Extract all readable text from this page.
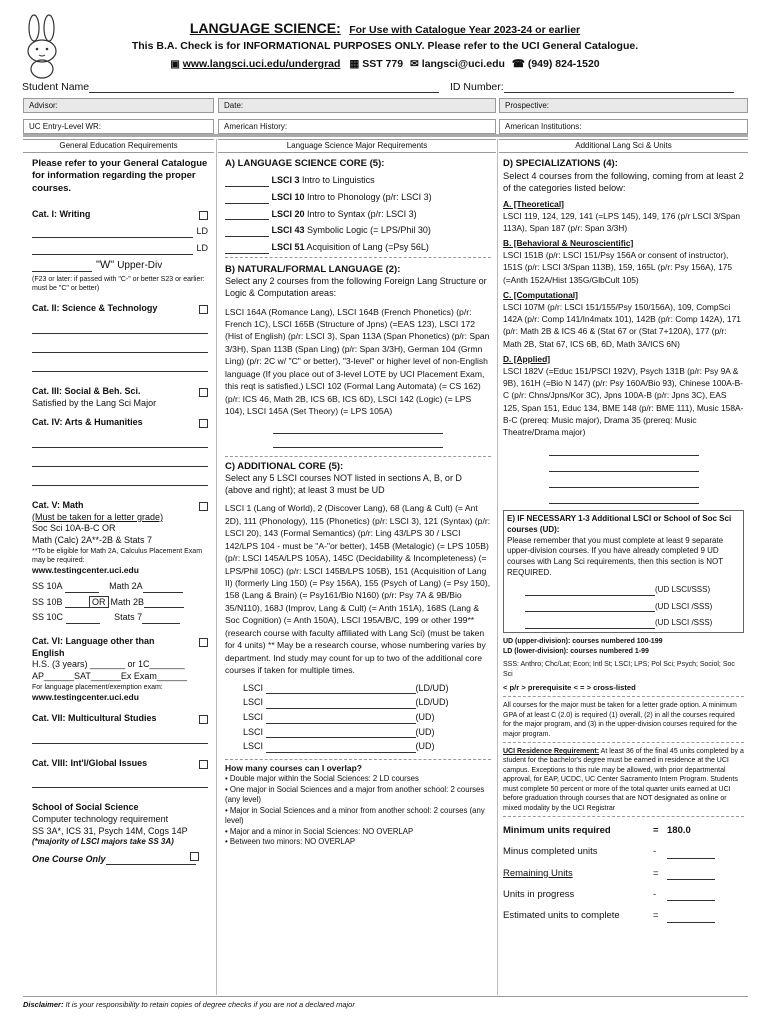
LANGUAGE SCIENCE: For Use with Catalogue Year 2023-24 or earlier
This B.A. Check is for INFORMATIONAL PURPOSES ONLY. Please refer to the UCI General Catalogue.
▣ www.langsci.uci.edu/undergrad ▦ SST 779 ✉ langsci@uci.edu ☎ (949) 824-1520
Student Name	ID Number:
Advisor:	Date:	Prospective:
UC Entry-Level WR:	American History:	American Institutions:
General Education Requirements	Language Science Major Requirements	Additional Lang Sci & Units

Please refer to your General Catalogue for information regarding the proper courses.

Cat. I: Writing
LD
LD
"W" Upper-Div

(F23 or later: if passed with "C-" or better S23 or earlier: must be "C" or better)

Cat. II: Science & Technology
Cat. III: Social & Beh. Sci.

Satisfied by the Lang Sci Major

Cat. IV: Arts & Humanities
Cat. V: Math

(Must be taken for a letter grade)

Soc Sci 10A-B-C OR

Math (Calc) 2A**-2B & Stats 7

**To be eligible for Math 2A, Calculus Placement Exam may be required:

www.testingcenter.uci.edu

SS 10A	Math 2A
SS 10B	OR Math 2B
SS 10C	Stats 7
Cat. VI: Language other than English

H.S. (3 years) _______ or 1C_______

AP______SAT______Ex Exam______

For language placement/exemption exam:

www.testingcenter.uci.edu

Cat. VII: Multicultural Studies
Cat. VIII: Int'l/Global Issues

School of Social Science

Computer technology requirement

SS 3A*, ICS 31, Psych 14M, Cogs 14P

(*majority of LSCI majors take SS 3A)

One Course Only

A) LANGUAGE SCIENCE CORE (5):

LSCI 3 Intro to Linguistics
LSCI 10 Intro to Phonology (p/r: LSCI 3)
LSCI 20 Intro to Syntax (p/r: LSCI 3)
LSCI 43 Symbolic Logic (= LPS/Phil 30)
LSCI 51 Acquisition of Lang (=Psy 56L)

B) NATURAL/FORMAL LANGUAGE (2):

Select any 2 courses from the following Foreign Lang Structure or Logic & Computation areas:

LSCI 164A (Romance Lang), LSCI 164B (French Phonetics) (p/r: French 1C), LSCI 165B (Structure of Jpns) (=EAS 123), LSCI 172 (Hist of English) (p/r: LSCI 3), Span 113A (Span Phonetics) (p/r: Span 3/3H), Span 113B (Span Ling) (p/r: Span 3/3H), German 104 (Grmn Ling) (p/r: 2C w/ "C" or better), "3-level" or higher level of non-English language (If you place out of 3-level LOTE by UCI Placement Exam, this reqt is satisfied.) LSCI 102 (Formal Lang Automata) (= CS 162) (p/r: ICS 46, Math 2B, ICS 6B, ICS 6D), LSCI 142 (Logic) (= LPS 104), LSCI 145A (Set Theory) (= LPS 105A)

C) ADDITIONAL CORE (5):

Select any 5 LSCI courses NOT listed in sections A, B, or D (above and right); at least 3 must be UD

LSCI 1 (Lang of World), 2 (Discover Lang), 68 (Lang & Cult) (= Ant 2D), 111 (Phonology), 115 (Phonetics) (p/r: LSCI 3), 121 (Syntax) (p/r: LSCI 20), 143 (Formal Semantics) (p/r: Ling 43/LPS 30 / LSCI 142/LPS 104 - must be "A-"or better), 145B (Metalogic) (= LPS 105B) (p/r: LSCI 145A/LPS 105A), 145C (Decidability & Incompleteness) (= LPS/Phil 105C) (p/r: LSCI 145B/LPS 105B), 151 (Acquisition of Lang II) (formerly Ling 150) (= Psy 156A), 155 (Psych of Lang) (= Psy 150), 158 (Lang & Brain) (= Psy161/Bio N160) (p/r: Psy 7A & 9B/Bio 35/N110), 168J (Improv, Lang & Cult) (= Anth 151A), 168S (Lang & Soc Cognition) (= Anth 150A), LSCI 195A/B/C, 199 or other 199** (research course with faculty affiliated with Lang Sci) (must be taken for 4 units) ** May be a research course, whose numbering varies by department. Ind study may count for up to two of the additional core courses if taken for multiple times.

LSCI	(LD/UD)
LSCI	(LD/UD)
LSCI	(UD)
LSCI	(UD)
LSCI	(UD)

How many courses can I overlap?

• Double major within the Social Sciences: 2 LD courses
• One major in Social Sciences and a major from another school: 2 courses (any level)
• Major in Social Sciences and a minor from another school: 2 courses (any level)
• Major and a minor in Social Sciences: NO OVERLAP
• Between two minors: NO OVERLAP

D) SPECIALIZATIONS (4):

Select 4 courses from the following, coming from at least 2 of the categories listed below:

A. [Theoretical]

LSCI 119, 124, 129, 141 (=LPS 145), 149, 176 (p/r LSCI 3/Span 113A), Span 187 (p/r: Span 3/3H)

B. [Behavioral & Neuroscientific]

LSCI 151B (p/r: LSCI 151/Psy 156A or consent of instructor), 151S (p/r: LSCI 3/Span 113B), 159, 165L (p/r: Psy 156A), 175 (=Anth 152A/Hist 135G/GlbCult 105)

C. [Computational]

LSCI 107M (p/r: LSCI 151/155/Psy 150/156A), 109, CompSci 142A (p/r: Comp 141/In4matx 101), 142B (p/r: Comp 142A), 171 (p/r: Math 2B & ICS 46 & (Stat 67 or (Stat 7+120A), 177 (p/r: Math 2B, Stat 67, ICS 6B, 6D, Math 3A/ICS 6N)

D. [Applied]

LSCI 182V (=Educ 151/PSCI 192V), Psych 131B (p/r: Psy 9A & 9B), 161H (=Bio N 147) (p/r: Psy 160A/Bio 93), Chinese 100A-B-C (p/r: Chns/Jpns/Kor 3C), Jpns 100A-B (p/r: Jpns 3C), EAS 125, Span 151, Educ 134, BME 148 (p/r: BME 111), Music 158A-B-C (prereq: Music major), Drama 35 (prereq: Music Theatre/Drama major)

E) IF NECESSARY 1-3 Additional LSCI or School of Soc Sci courses (UD):

Please remember that you must complete at least 9 separate upper-division courses. If you have already completed 9 UD courses with Lang Sci requirements, then this section is NOT REQUIRED.

(UD LSCI/SSS)
(UD LSCI /SSS)
(UD LSCI /SSS)

UD (upper-division): courses numbered 100-199

LD (lower-division): courses numbered 1-99

SSS: Anthro; Chc/Lat; Econ; Intl St; LSCI; LPS; Pol Sci; Psych; Sociol; Soc Sci

< p/r > prerequisite < = > cross-listed

All courses for the major must be taken for a letter grade option. A minimum GPA of at least C (2.0) is required (1) overall, (2) in all the courses required for the major program, and (3) in the upper-division courses required for the major program.

UCI Residence Requirement: At least 36 of the final 45 units completed by a student for the bachelor's degree must be earned in residence at the UCI campus. Exceptions to this rule may be allowed, with prior departmental approval, for EAP, UCDC, UC Center Sacramento Intern Program. Students must complete 50 percent or more of the total quarter units earned at UCI before graduation through courses that are NOT designated as online or mixed modality by the UCI Registrar

Minimum units required	= 180.0
Minus completed units	-
Remaining Units	=
Units in progress	-
Estimated units to complete	=
Disclaimer: It is your responsibility to retain copies of degree checks if you are not a declared major
